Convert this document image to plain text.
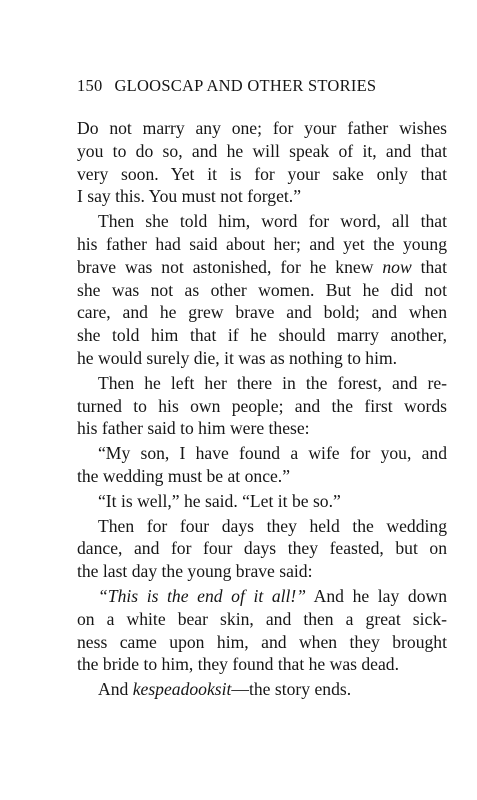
150 GLOOSCAP AND OTHER STORIES

Do not marry any one; for your father wishes
you to do so, and he will speak of it, and that
very soon. Yet it is for your sake only that
I say this. You must not forget.”

Then she told him, word for word, all that
his father had said about her; and yet the young
brave was not astonished, for he knew now that
she was not as other women. But he did not
care, and he grew brave and bold; and when
she told him that if he should marry another,
he would surely die, it was as nothing to him.

Then he left her there in the forest, and re-
turned to his own people; and the first words
his father said to him were these:

“My son, I have found a wife for you, and
the wedding must be at once.”

“It is well,” he said. “Let it be so.”

Then for four days they held the wedding
dance, and for four days they feasted, but on
the last day the young brave said:

“This is the end of it all!” And he lay down
on a white bear skin, and then a great sick-
ness came upon him, and when they brought
the bride to him, they found that he was dead.

And kespeadooksit—the story ends.
